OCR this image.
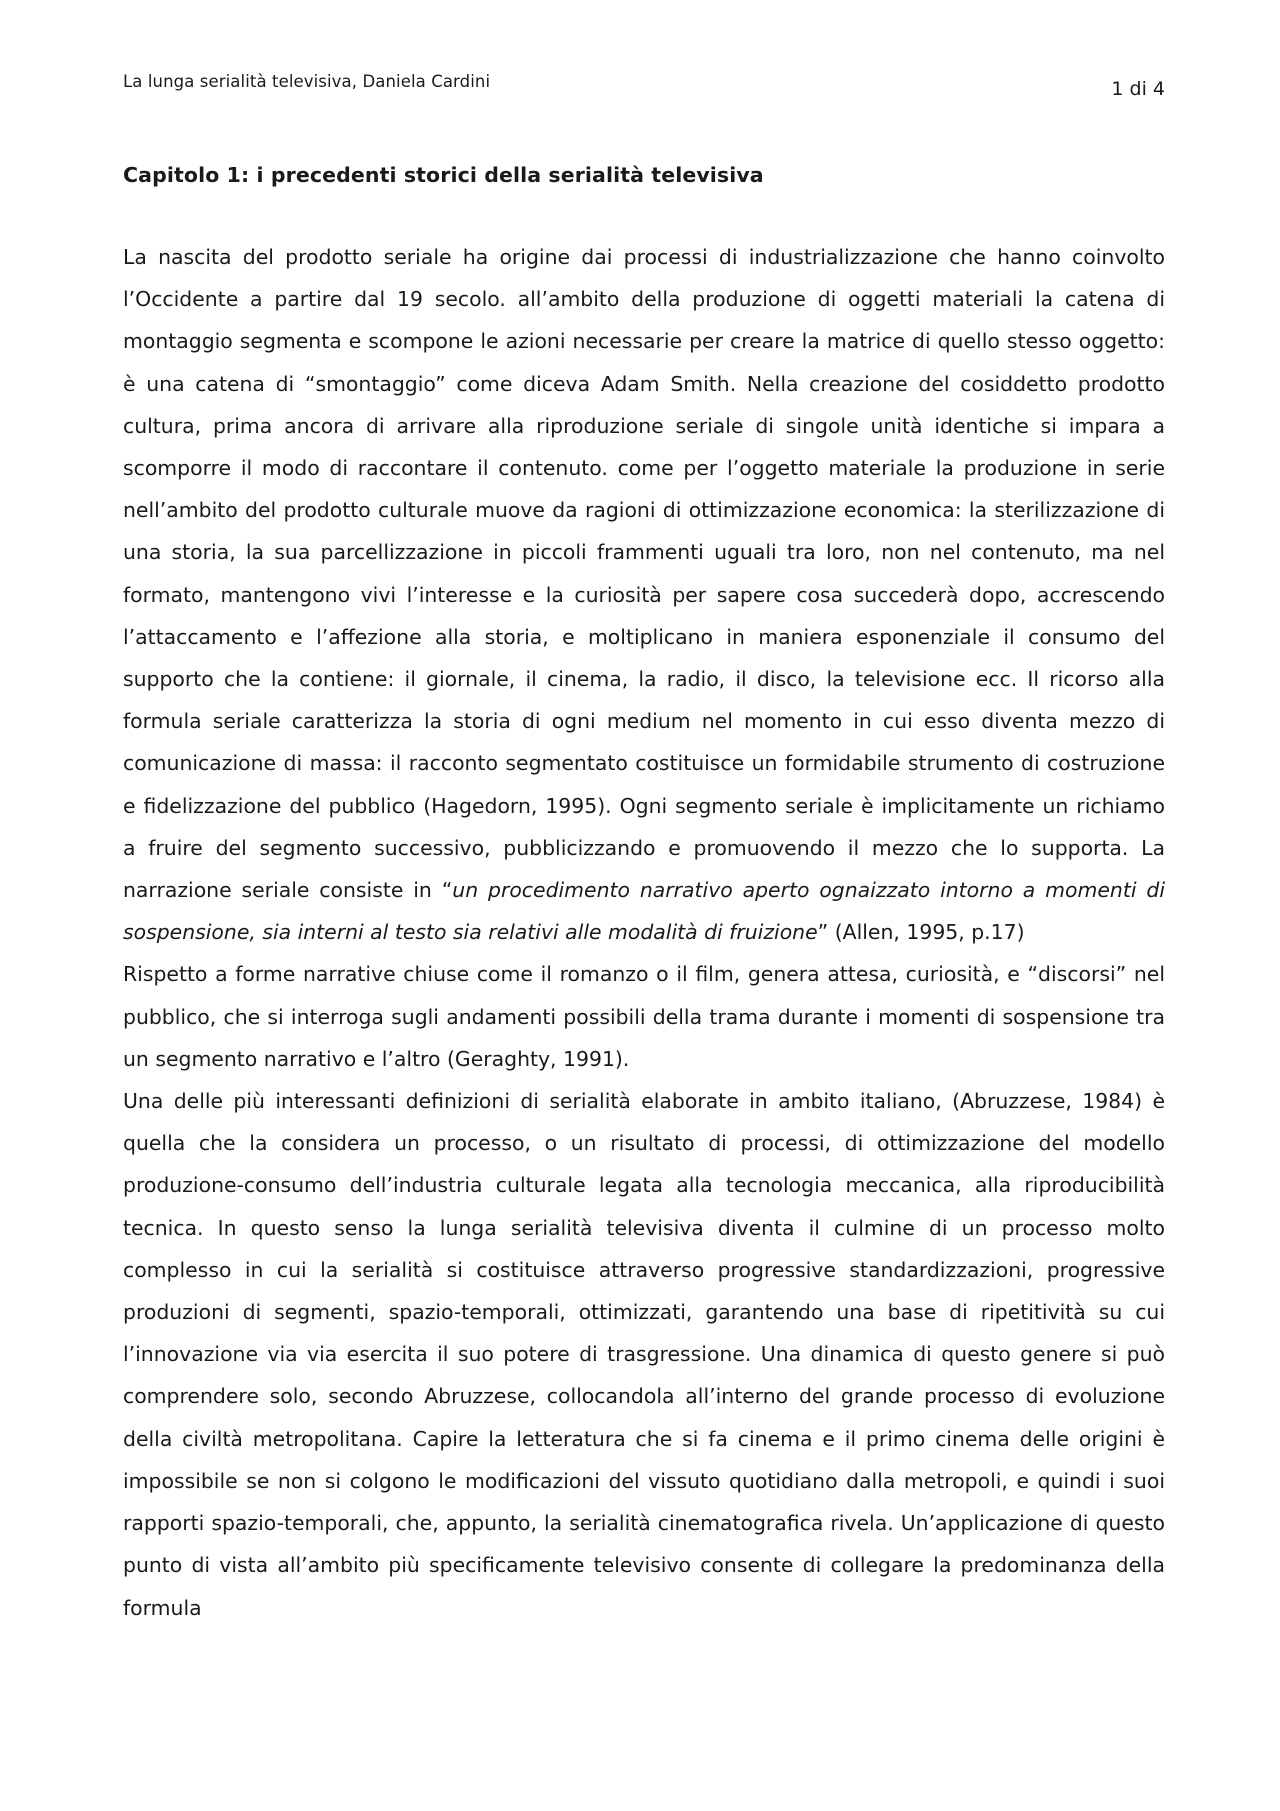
La lunga serialità televisiva, Daniela Cardini	1 di 4
Capitolo 1: i precedenti storici della serialità televisiva

La nascita del prodotto seriale ha origine dai processi di industrializzazione che hanno coinvolto l’Occidente a partire dal 19 secolo. all’ambito della produzione di oggetti materiali la catena di montaggio segmenta e scompone le azioni necessarie per creare la matrice di quello stesso oggetto: è una catena di “smontaggio” come diceva Adam Smith. Nella creazione del cosiddetto prodotto cultura, prima ancora di arrivare alla riproduzione seriale di singole unità identiche si impara a scomporre il modo di raccontare il contenuto. come per l’oggetto materiale la produzione in serie nell’ambito del prodotto culturale muove da ragioni di ottimizzazione economica: la sterilizzazione di una storia, la sua parcellizzazione in piccoli frammenti uguali tra loro, non nel contenuto, ma nel formato, mantengono vivi l’interesse e la curiosità per sapere cosa succederà dopo, accrescendo l’attaccamento e l’affezione alla storia, e moltiplicano in maniera esponenziale il consumo del supporto che la contiene: il giornale, il cinema, la radio, il disco, la televisione ecc. Il ricorso alla formula seriale caratterizza la storia di ogni medium nel momento in cui esso diventa mezzo di comunicazione di massa: il racconto segmentato costituisce un formidabile strumento di costruzione e fidelizzazione del pubblico (Hagedorn, 1995). Ogni segmento seriale è implicitamente un richiamo a fruire del segmento successivo, pubblicizzando e promuovendo il mezzo che lo supporta. La narrazione seriale consiste in “un procedimento narrativo aperto ognaizzato intorno a momenti di sospensione, sia interni al testo sia relativi alle modalità di fruizione” (Allen, 1995, p.17)

Rispetto a forme narrative chiuse come il romanzo o il film, genera attesa, curiosità, e “discorsi” nel pubblico, che si interroga sugli andamenti possibili della trama durante i momenti di sospensione tra un segmento narrativo e l’altro (Geraghty, 1991).

Una delle più interessanti definizioni di serialità elaborate in ambito italiano, (Abruzzese, 1984) è quella che la considera un processo, o un risultato di processi, di ottimizzazione del modello produzione-consumo dell’industria culturale legata alla tecnologia meccanica, alla riproducibilità tecnica. In questo senso la lunga serialità televisiva diventa il culmine di un processo molto complesso in cui la serialità si costituisce attraverso progressive standardizzazioni, progressive produzioni di segmenti, spazio-temporali, ottimizzati, garantendo una base di ripetitività su cui l’innovazione via via esercita il suo potere di trasgressione. Una dinamica di questo genere si può comprendere solo, secondo Abruzzese, collocandola all’interno del grande processo di evoluzione della civiltà metropolitana. Capire la letteratura che si fa cinema e il primo cinema delle origini è impossibile se non si colgono le modificazioni del vissuto quotidiano dalla metropoli, e quindi i suoi rapporti spazio-temporali, che, appunto, la serialità cinematografica rivela. Un’applicazione di questo punto di vista all’ambito più specificamente televisivo consente di collegare la predominanza della formula
